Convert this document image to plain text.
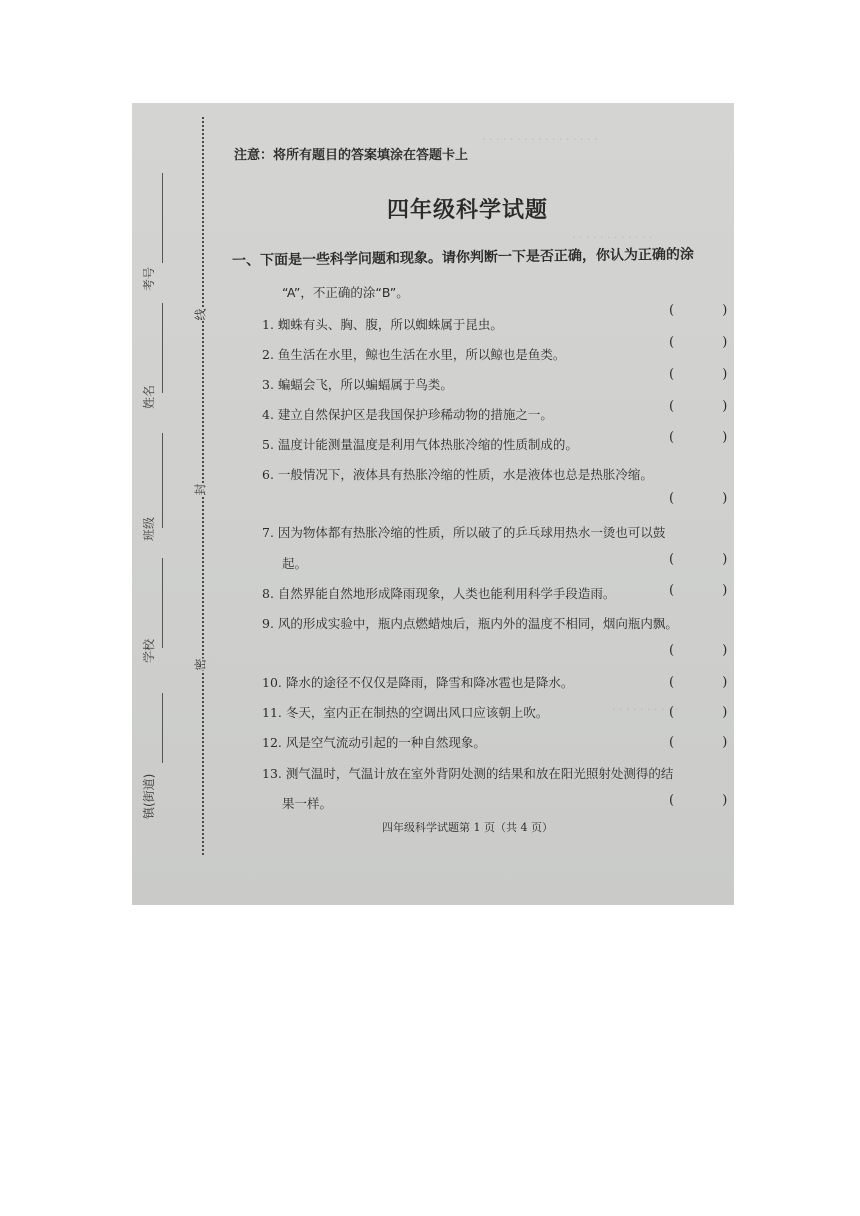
· · · · · · · · · · · · · · · · ·
· · · · · · · · · · · ·
· · · · · · · · · ·
考号
姓名
班级
学校
镇(街道)
线
封
密
注意：将所有题目的答案填涂在答题卡上
四年级科学试题
一、下面是一些科学问题和现象。请你判断一下是否正确，你认为正确的涂
“A”，不正确的涂“B”。
1. 蜘蛛有头、胸、腹，所以蜘蛛属于昆虫。
( )
2. 鱼生活在水里，鲸也生活在水里，所以鲸也是鱼类。
( )
3. 蝙蝠会飞，所以蝙蝠属于鸟类。
( )
4. 建立自然保护区是我国保护珍稀动物的措施之一。
( )
5. 温度计能测量温度是利用气体热胀冷缩的性质制成的。	( )
6. 一般情况下，液体具有热胀冷缩的性质，水是液体也总是热胀冷缩。
( )
7. 因为物体都有热胀冷缩的性质，所以破了的乒乓球用热水一烫也可以鼓
起。	( )
8. 自然界能自然地形成降雨现象，人类也能利用科学手段造雨。	( )
9. 风的形成实验中，瓶内点燃蜡烛后，瓶内外的温度不相同，烟向瓶内飘。
( )
10. 降水的途径不仅仅是降雨，降雪和降冰雹也是降水。	( )
11. 冬天，室内正在制热的空调出风口应该朝上吹。	( )
12. 风是空气流动引起的一种自然现象。	( )
13. 测气温时，气温计放在室外背阴处测的结果和放在阳光照射处测得的结
果一样。	( )
四年级科学试题第 1 页（共 4 页）
